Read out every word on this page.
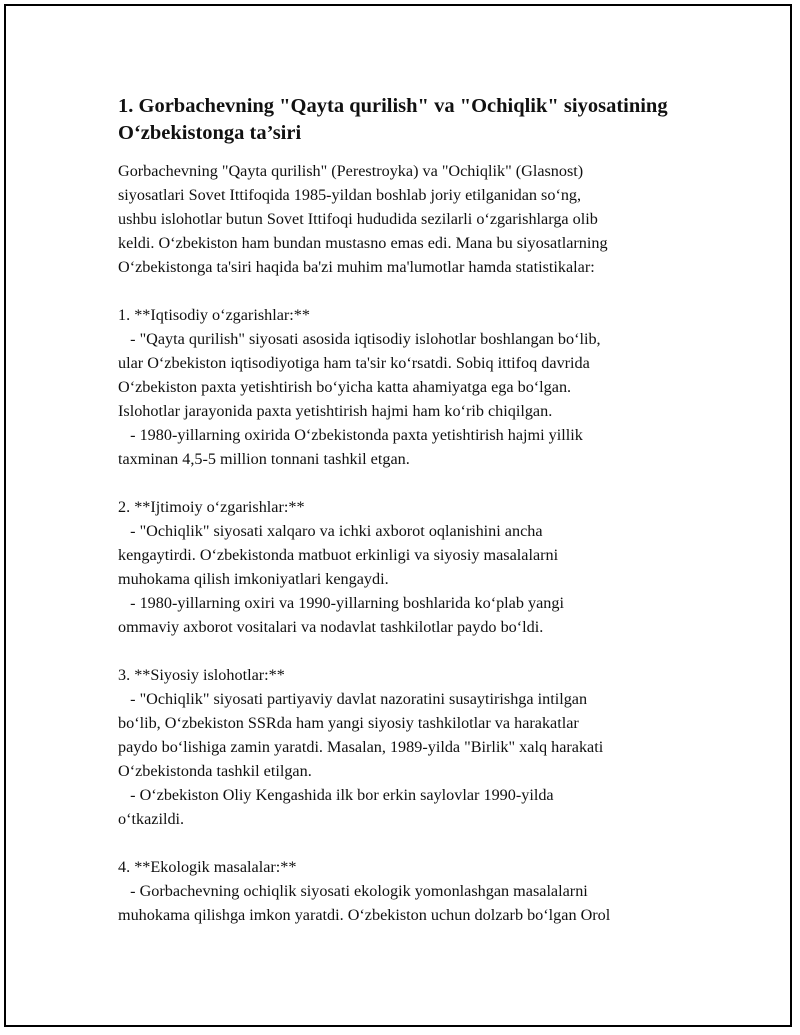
1. Gorbachevning "Qayta qurilish" va "Ochiqlik" siyosatining
O‘zbekistonga ta’siri

Gorbachevning "Qayta qurilish" (Perestroyka) va "Ochiqlik" (Glasnost)
siyosatlari Sovet Ittifoqida 1985-yildan boshlab joriy etilganidan so‘ng,
ushbu islohotlar butun Sovet Ittifoqi hududida sezilarli o‘zgarishlarga olib
keldi. O‘zbekiston ham bundan mustasno emas edi. Mana bu siyosatlarning
O‘zbekistonga ta'siri haqida ba'zi muhim ma'lumotlar hamda statistikalar:

1. **Iqtisodiy o‘zgarishlar:**
- "Qayta qurilish" siyosati asosida iqtisodiy islohotlar boshlangan bo‘lib,
ular O‘zbekiston iqtisodiyotiga ham ta'sir ko‘rsatdi. Sobiq ittifoq davrida
O‘zbekiston paxta yetishtirish bo‘yicha katta ahamiyatga ega bo‘lgan.
Islohotlar jarayonida paxta yetishtirish hajmi ham ko‘rib chiqilgan.
- 1980-yillarning oxirida O‘zbekistonda paxta yetishtirish hajmi yillik
taxminan 4,5-5 million tonnani tashkil etgan.

2. **Ijtimoiy o‘zgarishlar:**
- "Ochiqlik" siyosati xalqaro va ichki axborot oqlanishini ancha
kengaytirdi. O‘zbekistonda matbuot erkinligi va siyosiy masalalarni
muhokama qilish imkoniyatlari kengaydi.
- 1980-yillarning oxiri va 1990-yillarning boshlarida ko‘plab yangi
ommaviy axborot vositalari va nodavlat tashkilotlar paydo bo‘ldi.

3. **Siyosiy islohotlar:**
- "Ochiqlik" siyosati partiyaviy davlat nazoratini susaytirishga intilgan
bo‘lib, O‘zbekiston SSRda ham yangi siyosiy tashkilotlar va harakatlar
paydo bo‘lishiga zamin yaratdi. Masalan, 1989-yilda "Birlik" xalq harakati
O‘zbekistonda tashkil etilgan.
- O‘zbekiston Oliy Kengashida ilk bor erkin saylovlar 1990-yilda
o‘tkazildi.

4. **Ekologik masalalar:**
- Gorbachevning ochiqlik siyosati ekologik yomonlashgan masalalarni
muhokama qilishga imkon yaratdi. O‘zbekiston uchun dolzarb bo‘lgan Orol
